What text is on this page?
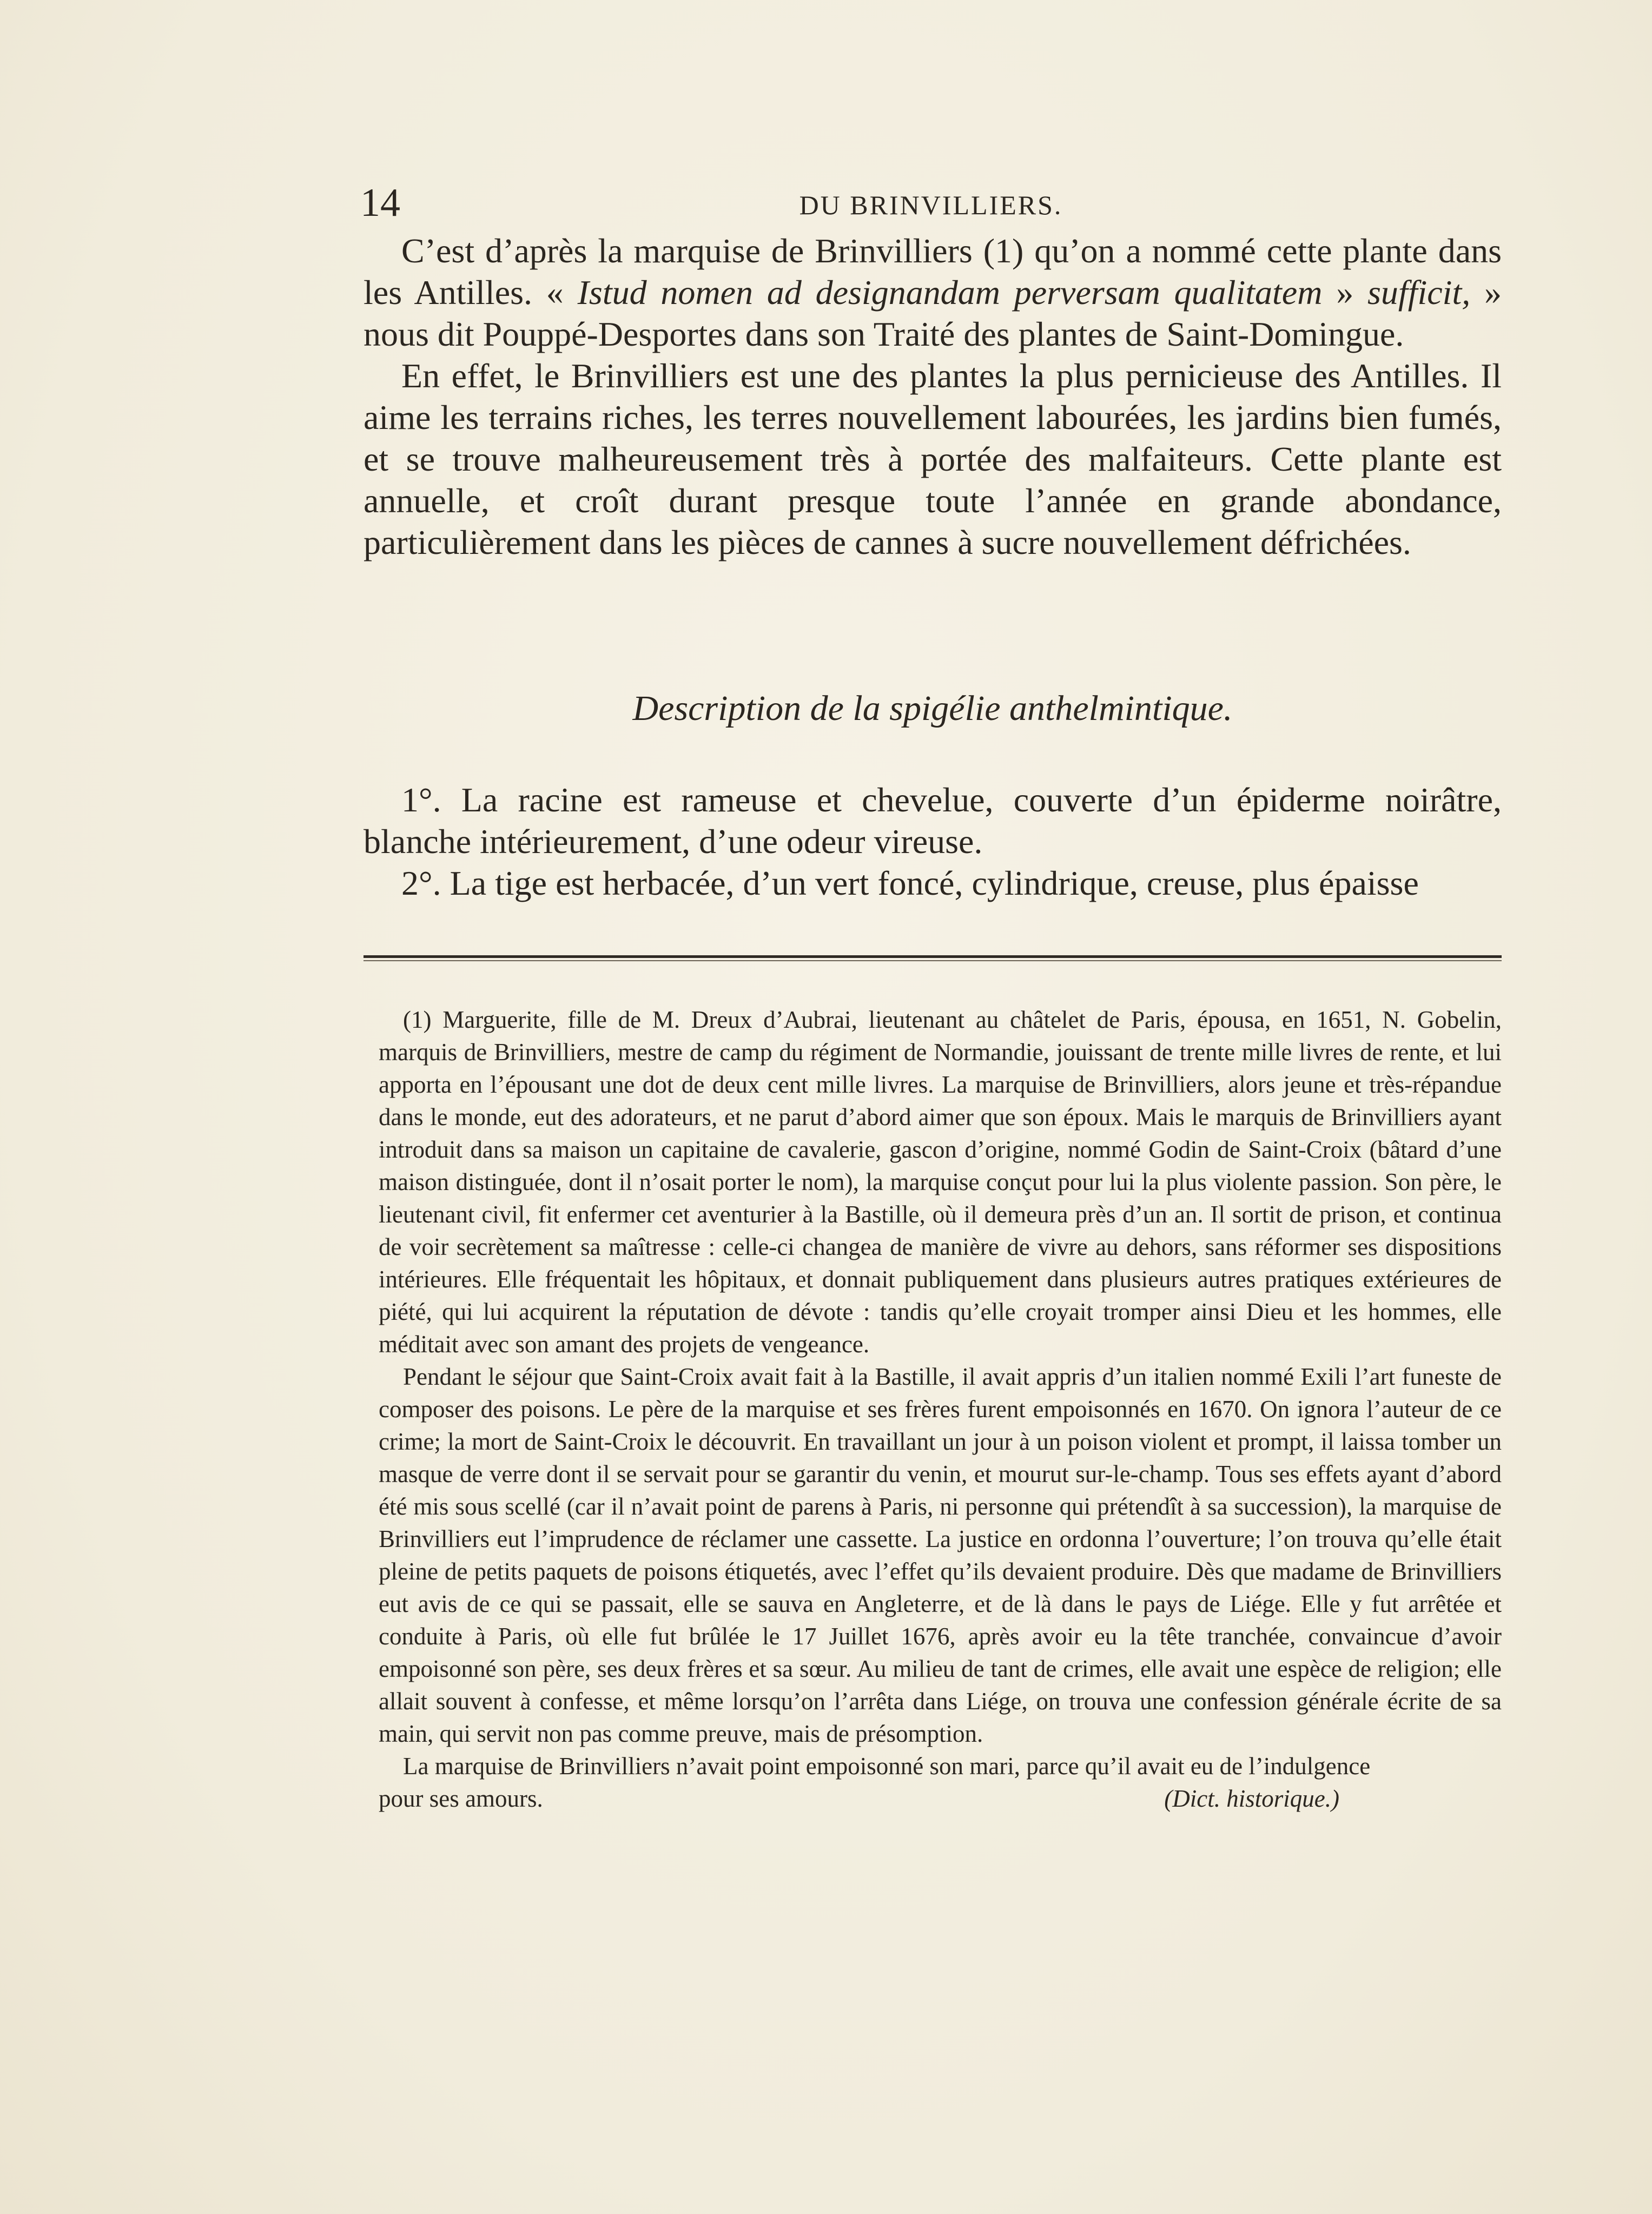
14	DU BRINVILLIERS.

C’est d’après la marquise de Brinvilliers (1) qu’on a nommé cette plante dans les Antilles. « Istud nomen ad designandam perversam qualitatem » sufficit, » nous dit Pouppé-Desportes dans son Traité des plantes de Saint-Domingue.

En effet, le Brinvilliers est une des plantes la plus pernicieuse des Antilles. Il aime les terrains riches, les terres nouvellement labourées, les jardins bien fumés, et se trouve malheureusement très à portée des malfaiteurs. Cette plante est annuelle, et croît durant presque toute l’année en grande abondance, particulièrement dans les pièces de cannes à sucre nouvellement défrichées.

Description de la spigélie anthelmintique.

1°. La racine est rameuse et chevelue, couverte d’un épiderme noirâtre, blanche intérieurement, d’une odeur vireuse.

2°. La tige est herbacée, d’un vert foncé, cylindrique, creuse, plus épaisse

(1) Marguerite, fille de M. Dreux d’Aubrai, lieutenant au châtelet de Paris, épousa, en 1651, N. Gobelin, marquis de Brinvilliers, mestre de camp du régiment de Normandie, jouissant de trente mille livres de rente, et lui apporta en l’épousant une dot de deux cent mille livres. La marquise de Brinvilliers, alors jeune et très-répandue dans le monde, eut des adorateurs, et ne parut d’abord aimer que son époux. Mais le marquis de Brinvilliers ayant introduit dans sa maison un capitaine de cavalerie, gascon d’origine, nommé Godin de Saint-Croix (bâtard d’une maison distinguée, dont il n’osait porter le nom), la marquise conçut pour lui la plus violente passion. Son père, le lieutenant civil, fit enfermer cet aventurier à la Bastille, où il demeura près d’un an. Il sortit de prison, et continua de voir secrètement sa maîtresse : celle-ci changea de manière de vivre au dehors, sans réformer ses dispositions intérieures. Elle fréquentait les hôpitaux, et donnait publiquement dans plusieurs autres pratiques extérieures de piété, qui lui acquirent la réputation de dévote : tandis qu’elle croyait tromper ainsi Dieu et les hommes, elle méditait avec son amant des projets de vengeance.

Pendant le séjour que Saint-Croix avait fait à la Bastille, il avait appris d’un italien nommé Exili l’art funeste de composer des poisons. Le père de la marquise et ses frères furent empoisonnés en 1670. On ignora l’auteur de ce crime; la mort de Saint-Croix le découvrit. En travaillant un jour à un poison violent et prompt, il laissa tomber un masque de verre dont il se servait pour se garantir du venin, et mourut sur-le-champ. Tous ses effets ayant d’abord été mis sous scellé (car il n’avait point de parens à Paris, ni personne qui prétendît à sa succession), la marquise de Brinvilliers eut l’imprudence de réclamer une cassette. La justice en ordonna l’ouverture; l’on trouva qu’elle était pleine de petits paquets de poisons étiquetés, avec l’effet qu’ils devaient produire. Dès que madame de Brinvilliers eut avis de ce qui se passait, elle se sauva en Angleterre, et de là dans le pays de Liége. Elle y fut arrêtée et conduite à Paris, où elle fut brûlée le 17 Juillet 1676, après avoir eu la tête tranchée, convaincue d’avoir empoisonné son père, ses deux frères et sa sœur. Au milieu de tant de crimes, elle avait une espèce de religion; elle allait souvent à confesse, et même lorsqu’on l’arrêta dans Liége, on trouva une confession générale écrite de sa main, qui servit non pas comme preuve, mais de présomption.

La marquise de Brinvilliers n’avait point empoisonné son mari, parce qu’il avait eu de l’indulgence

pour ses amours.	(Dict. historique.)
